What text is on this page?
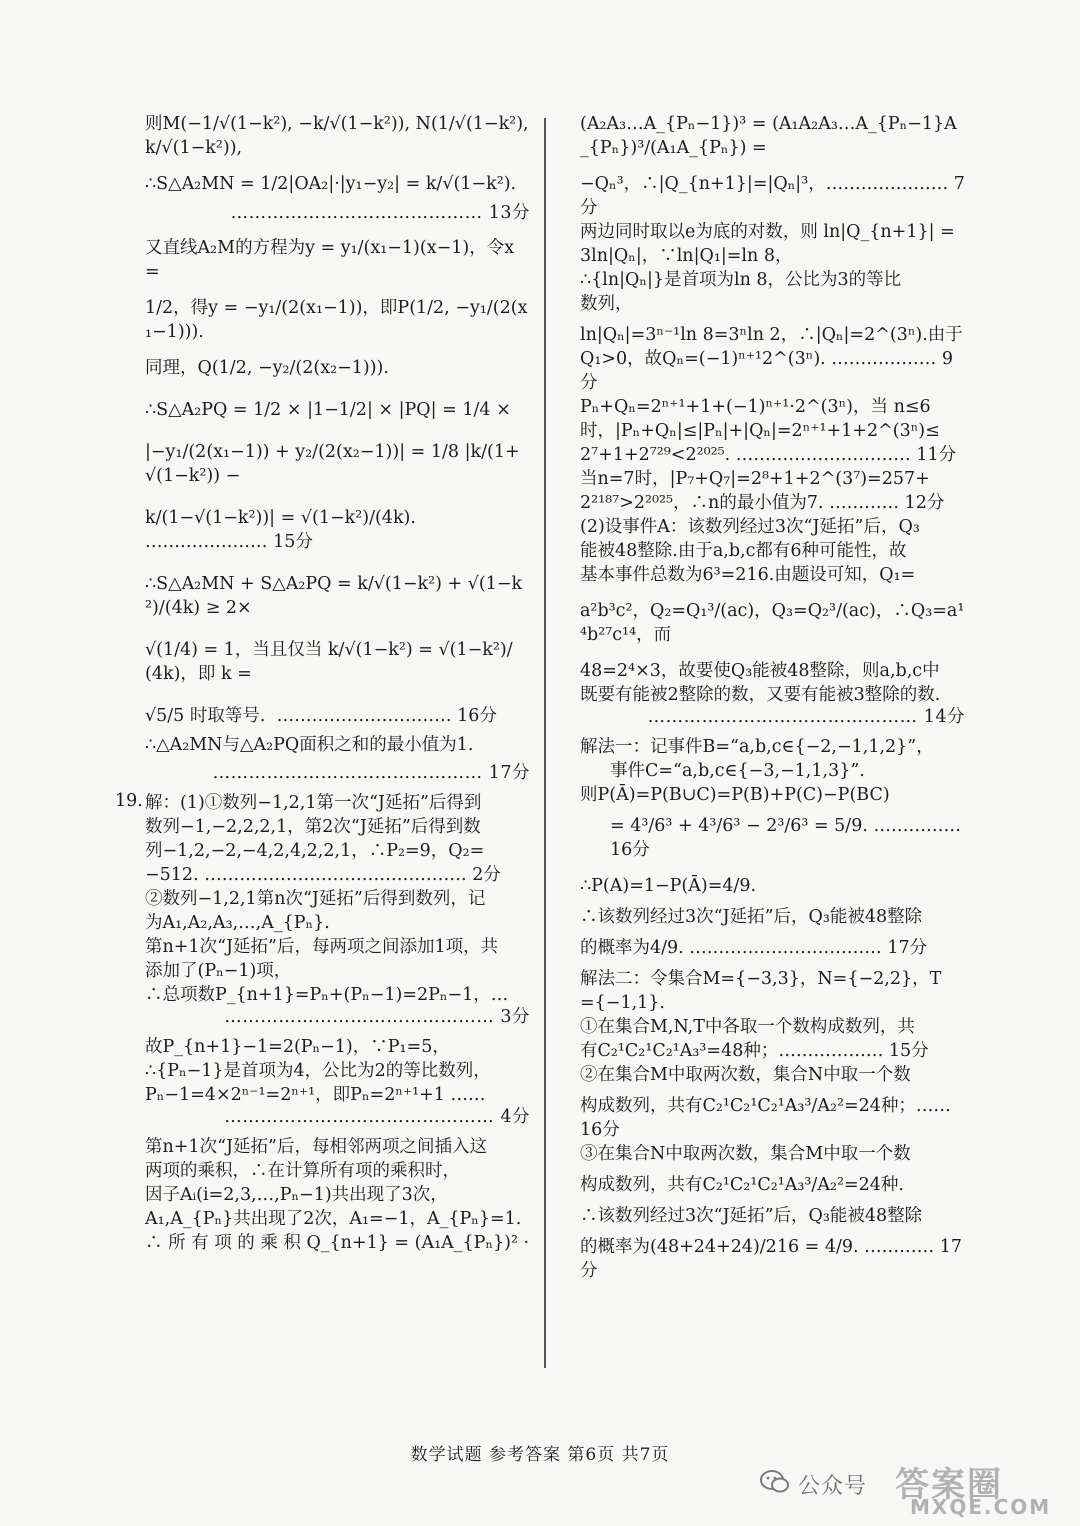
则M(−1/√(1−k²), −k/√(1−k²)), N(1/√(1−k²), k/√(1−k²)),

∴S△A₂MN = 1/2|OA₂|·|y₁−y₂| = k/√(1−k²).

…………………………………… 13分

又直线A₂M的方程为y = y₁/(x₁−1)(x−1)，令x =

1/2，得y = −y₁/(2(x₁−1))，即P(1/2, −y₁/(2(x₁−1))).

同理，Q(1/2, −y₂/(2(x₂−1))).

∴S△A₂PQ = 1/2 × |1−1/2| × |PQ| = 1/4 ×

|−y₁/(2(x₁−1)) + y₂/(2(x₂−1))| = 1/8 |k/(1+√(1−k²)) −

k/(1−√(1−k²))| = √(1−k²)/(4k). ………………… 15分

∴S△A₂MN + S△A₂PQ = k/√(1−k²) + √(1−k²)/(4k) ≥ 2×

√(1/4) = 1，当且仅当 k/√(1−k²) = √(1−k²)/(4k)，即 k =

√5/5 时取等号.  ………………………… 16分

∴△A₂MN与△A₂PQ面积之和的最小值为1.

……………………………………… 17分

19. 解：(1)①数列−1,2,1第一次“J延拓”后得到

数列−1,−2,2,2,1，第2次“J延拓”后得到数

列−1,2,−2,−4,2,4,2,2,1，∴P₂=9，Q₂=

−512. ……………………………………… 2分

②数列−1,2,1第n次“J延拓”后得到数列，记

为A₁,A₂,A₃,…,A_{Pₙ}.

第n+1次“J延拓”后，每两项之间添加1项，共

添加了(Pₙ−1)项，

∴总项数P_{n+1}=Pₙ+(Pₙ−1)=2Pₙ−1，…

……………………………………… 3分

故P_{n+1}−1=2(Pₙ−1)，∵P₁=5，

∴{Pₙ−1}是首项为4，公比为2的等比数列，

Pₙ−1=4×2ⁿ⁻¹=2ⁿ⁺¹，即Pₙ=2ⁿ⁺¹+1 ……

……………………………………… 4分

第n+1次“J延拓”后，每相邻两项之间插入这

两项的乘积，∴在计算所有项的乘积时，

因子Aᵢ(i=2,3,…,Pₙ−1)共出现了3次，

A₁,A_{Pₙ}共出现了2次，A₁=−1，A_{Pₙ}=1.

∴ 所 有 项 的 乘 积 Q_{n+1} = (A₁A_{Pₙ})² ·

(A₂A₃…A_{Pₙ−1})³ = (A₁A₂A₃…A_{Pₙ−1}A_{Pₙ})³/(A₁A_{Pₙ}) =

−Qₙ³，∴|Q_{n+1}|=|Qₙ|³，………………… 7分

两边同时取以e为底的对数，则 ln|Q_{n+1}| =

3ln|Qₙ|，∵ln|Q₁|=ln 8，

∴{ln|Qₙ|}是首项为ln 8，公比为3的等比

数列，

ln|Qₙ|=3ⁿ⁻¹ln 8=3ⁿln 2，∴|Qₙ|=2^(3ⁿ).由于

Q₁>0，故Qₙ=(−1)ⁿ⁺¹2^(3ⁿ). ……………… 9分

Pₙ+Qₙ=2ⁿ⁺¹+1+(−1)ⁿ⁺¹·2^(3ⁿ)，当 n≤6

时，|Pₙ+Qₙ|≤|Pₙ|+|Qₙ|=2ⁿ⁺¹+1+2^(3ⁿ)≤

2⁷+1+2⁷²⁹<2²⁰²⁵. ………………………… 11分

当n=7时，|P₇+Q₇|=2⁸+1+2^(3⁷)=257+

2²¹⁸⁷>2²⁰²⁵，∴n的最小值为7. ………… 12分

(2)设事件A：该数列经过3次“J延拓”后，Q₃

能被48整除.由于a,b,c都有6种可能性，故

基本事件总数为6³=216.由题设可知，Q₁=

a²b³c²，Q₂=Q₁³/(ac)，Q₃=Q₂³/(ac)，∴Q₃=a¹⁴b²⁷c¹⁴，而

48=2⁴×3，故要使Q₃能被48整除，则a,b,c中

既要有能被2整除的数，又要有能被3整除的数.

……………………………………… 14分

解法一：记事件B=“a,b,c∈{−2,−1,1,2}”，

事件C=“a,b,c∈{−3,−1,1,3}”.

则P(Ā)=P(B∪C)=P(B)+P(C)−P(BC)

= 4³/6³ + 4³/6³ − 2³/6³ = 5/9. …………… 16分

∴P(A)=1−P(Ā)=4/9.

∴该数列经过3次“J延拓”后，Q₃能被48整除

的概率为4/9. …………………………… 17分

解法二：令集合M={−3,3}，N={−2,2}，T

={−1,1}.

①在集合M,N,T中各取一个数构成数列，共

有C₂¹C₂¹C₂¹A₃³=48种；……………… 15分

②在集合M中取两次数，集合N中取一个数

构成数列，共有C₂¹C₂¹C₂¹A₃³/A₂²=24种；…… 16分

③在集合N中取两次数，集合M中取一个数

构成数列，共有C₂¹C₂¹C₂¹A₃³/A₂²=24种.

∴该数列经过3次“J延拓”后，Q₃能被48整除

的概率为(48+24+24)/216 = 4/9. ………… 17分

数学试题 参考答案 第6页 共7页
公众号 答案圈
MXQE.COM
